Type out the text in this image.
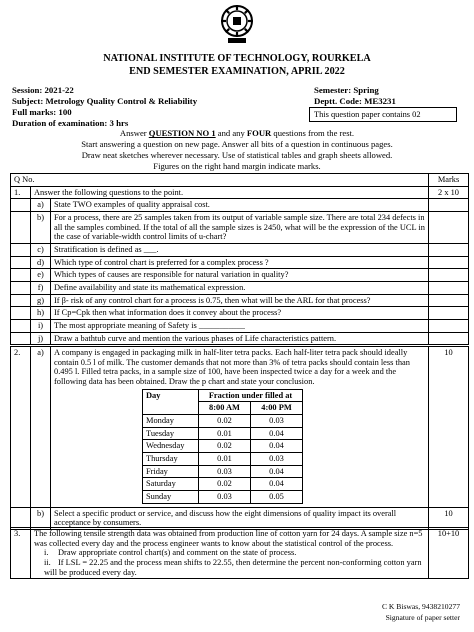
NATIONAL INSTITUTE OF TECHNOLOGY, ROURKELA
END SEMESTER EXAMINATION, APRIL 2022
Session: 2021-22
Subject: Metrology Quality Control & Reliability
Full marks: 100
Duration of examination: 3 hrs
Semester: Spring
Deptt. Code: ME3231
This question paper contains 02
Answer QUESTION NO 1 and any FOUR questions from the rest.
Start answering a question on new page. Answer all bits of a question in continuous pages.
Draw neat sketches wherever necessary. Use of statistical tables and graph sheets allowed.
Figures on the right hand margin indicate marks.
Q No.			Marks
1.	Answer the following questions to the point.		2 x 10
	a)	State TWO examples of quality appraisal cost.	
	b)	For a process, there are 25 samples taken from its output of variable sample size. There are total 234 defects in all the samples combined. If the total of all the sample sizes is 2450, what will be the expression of the UCL in the case of variable-width control limits of u-chart?	
	c)	Stratification is defined as ___.	
	d)	Which type of control chart is preferred for a complex process ?	
	e)	Which types of causes are responsible for natural variation in quality?	
	f)	Define availability and state its mathematical expression.	
	g)	If β- risk of any control chart for a process is 0.75, then what will be the ARL for that process?	
	h)	If Cp=Cpk then what information does it convey about the process?	
	i)	The most appropriate meaning of Safety is ___________	
	j)	Draw a bathtub curve and mention the various phases of Life characteristics pattern.	
2.	a)	A company is engaged in packaging milk in half-liter tetra packs. Each half-liter tetra pack should ideally contain 0.5 l of milk. The customer demands that not more than 3% of tetra packs should contain less than 0.495 l. Filled tetra packs, in a sample size of 100, have been inspected twice a day for a week and the following data has been obtained. Draw the p chart and state your conclusion.
Day	Fraction under filled at
8:00 AM	4:00 PM
Monday	0.02	0.03
Tuesday	0.01	0.04
Wednesday	0.02	0.04
Thursday	0.01	0.03
Friday	0.03	0.04
Saturday	0.02	0.04
Sunday	0.03	0.05
	10
	b)	Select a specific product or service, and discuss how the eight dimensions of quality impact its overall acceptance by consumers.	10
3.	The following tensile strength data was obtained from production line of cotton yarn for 24 days. A sample size n=5 was collected every day and the process engineer wants to know about the statistical control of the process.
i. Draw appropriate control chart(s) and comment on the state of process.
ii. If LSL = 22.25 and the process mean shifts to 22.55, then determine the percent non-conforming cotton yarn will be produced every day.
	10+10
C K Biswas, 9438210277
Signature of paper setter
